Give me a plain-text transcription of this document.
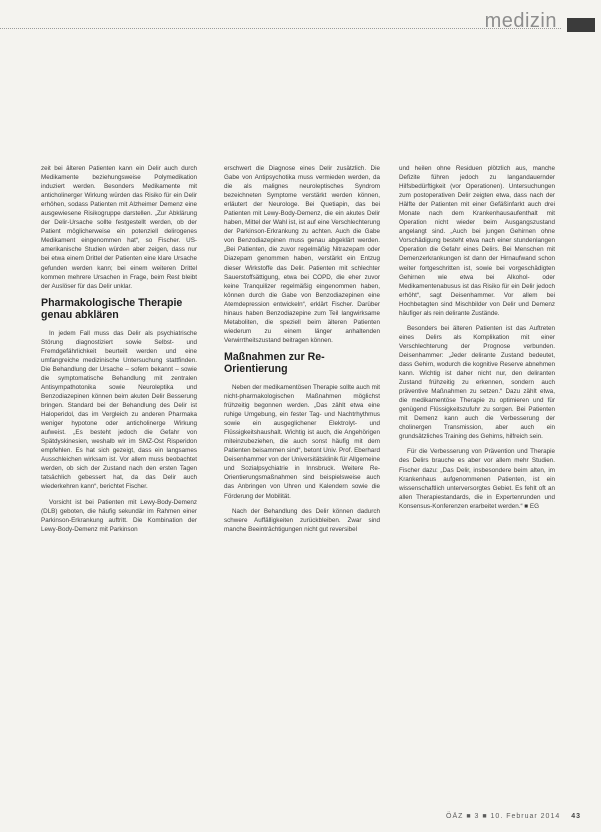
medizin

zeit bei älteren Patienten kann ein Delir auch durch Medikamente beziehungsweise Polymedikation induziert werden. Besonders Medikamente mit anticholinerger Wirkung würden das Risiko für ein Delir erhöhen, sodass Patienten mit Alzheimer Demenz eine ausgewiesene Risikogruppe darstellen. „Zur Abklärung der Delir-Ursache sollte festgestellt werden, ob der Patient möglicherweise ein potenziell delirogenes Medikament eingenommen hat“, so Fischer. US-amerikanische Studien würden aber zeigen, dass nur bei etwa einem Drittel der Patienten eine klare Ursache gefunden werden kann; bei einem weiteren Drittel kommen mehrere Ursachen in Frage, beim Rest bleibt der Auslöser für das Delir unklar.

Pharmakologische Therapie genau abklären

In jedem Fall muss das Delir als psychiatrische Störung diagnostiziert sowie Selbst- und Fremdgefährlichkeit beurteilt werden und eine umfangreiche medizinische Untersuchung stattfinden. Die Behandlung der Ursache – sofern bekannt – sowie die symptomatische Behandlung mit zentralen Antisympathotonika sowie Neuroleptika und Benzodiazepinen können beim akuten Delir Besserung bringen. Standard bei der Behandlung des Delir ist Haloperidol, das im Vergleich zu anderen Pharmaka weniger hypotone oder anticholinerge Wirkung aufweist. „Es besteht jedoch die Gefahr von Spätdyskinesien, weshalb wir im SMZ-Ost Risperidon empfehlen. Es hat sich gezeigt, dass ein langsames Ausschleichen wirksam ist. Vor allem muss beobachtet werden, ob sich der Zustand nach den ersten Tagen tatsächlich gebessert hat, da das Delir auch wiederkehren kann“, berichtet Fischer.

Vorsicht ist bei Patienten mit Lewy-Body-Demenz (DLB) geboten, die häufig sekundär im Rahmen einer Parkinson-Erkrankung auftritt. Die Kombination der Lewy-Body-Demenz mit Parkinson

erschwert die Diagnose eines Delir zusätzlich. Die Gabe von Antipsychotika muss vermieden werden, da die als malignes neuroleptisches Syndrom bezeichneten Symptome verstärkt werden können, erläutert der Neurologe. Bei Quetiapin, das bei Patienten mit Lewy-Body-Demenz, die ein akutes Delir haben, Mittel der Wahl ist, ist auf eine Verschlechterung der Parkinson-Erkrankung zu achten. Auch die Gabe von Benzodiazepinen muss genau abgeklärt werden. „Bei Patienten, die zuvor regelmäßig Nitrazepam oder Diazepam genommen haben, verstärkt ein Entzug dieser Wirkstoffe das Delir. Patienten mit schlechter Sauerstoffsättigung, etwa bei COPD, die eher zuvor keine Tranquilizer regelmäßig eingenommen haben, können durch die Gabe von Benzodiazepinen eine Atemdepression entwickeln“, erklärt Fischer. Darüber hinaus haben Benzodiazepine zum Teil langwirksame Metaboliten, die speziell beim älteren Patienten wiederum zu einem länger anhaltenden Verwirrtheitszustand beitragen können.

Maßnahmen zur Re-Orientierung

Neben der medikamentösen Therapie sollte auch mit nicht-pharmakologischen Maßnahmen möglichst frühzeitig begonnen werden. „Das zählt etwa eine ruhige Umgebung, ein fester Tag- und Nachtrhythmus sowie ein ausgeglichener Elektrolyt- und Flüssigkeitshaushalt. Wichtig ist auch, die Angehörigen miteinzubeziehen, die auch sonst häufig mit dem Patienten beisammen sind“, betont Univ. Prof. Eberhard Deisenhammer von der Universitätsklinik für Allgemeine und Sozialpsychiatrie in Innsbruck. Weitere Re-Orientierungsmaßnahmen sind beispielsweise auch das Anbringen von Uhren und Kalendern sowie die Förderung der Mobilität.

Nach der Behandlung des Delir können dadurch schwere Auffälligkeiten zurückbleiben. Zwar sind manche Beeinträchtigungen nicht gut reversibel

und heilen ohne Residuen plötzlich aus, manche Defizite führen jedoch zu langandauernder Hilfsbedürftigkeit (vor Operationen). Untersuchungen zum postoperativen Delir zeigten etwa, dass nach der Hälfte der Patienten mit einer Gefäßinfarkt auch drei Monate nach dem Krankenhausaufenthalt mit Operation nicht wieder beim Ausgangszustand angelangt sind. „Auch bei jungen Gehirnen ohne Vorschädigung besteht etwa nach einer stundenlangen Operation die Gefahr eines Delirs. Bei Menschen mit Demenzerkrankungen ist dann der Hirnaufwand schon weiter fortgeschritten ist, sowie bei vorgeschädigten Gehirnen wie etwa bei Alkohol- oder Medikamentenabusus ist das Risiko für ein Delir jedoch erhöht“, sagt Deisenhammer. Vor allem bei Hochbetagten sind Mischbilder von Delir und Demenz häufiger als rein delirante Zustände.

Besonders bei älteren Patienten ist das Auftreten eines Delirs als Komplikation mit einer Verschlechterung der Prognose verbunden. Deisenhammer: „Jeder delirante Zustand bedeutet, dass Gehirn, wodurch die kognitive Reserve abnehmen kann. Wichtig ist daher nicht nur, den deliranten Zustand frühzeitig zu erkennen, sondern auch präventive Maßnahmen zu setzen.“ Dazu zählt etwa, die medikamentöse Therapie zu optimieren und für genügend Flüssigkeitszufuhr zu sorgen. Bei Patienten mit Demenz kann auch die Verbesserung der cholinergen Transmission, aber auch ein grundsätzliches Training des Gehirns, hilfreich sein.

Für die Verbesserung von Prävention und Therapie des Delirs brauche es aber vor allem mehr Studien. Fischer dazu: „Das Delir, insbesondere beim alten, im Krankenhaus aufgenommenen Patienten, ist ein wissenschaftlich unterversorgtes Gebiet. Es fehlt oft an allen Therapiestandards, die in Expertenrunden und Konsensus-Konferenzen erarbeitet werden.“ ■ EG

ÖÄZ ■ 3 ■ 10. Februar 2014 43
